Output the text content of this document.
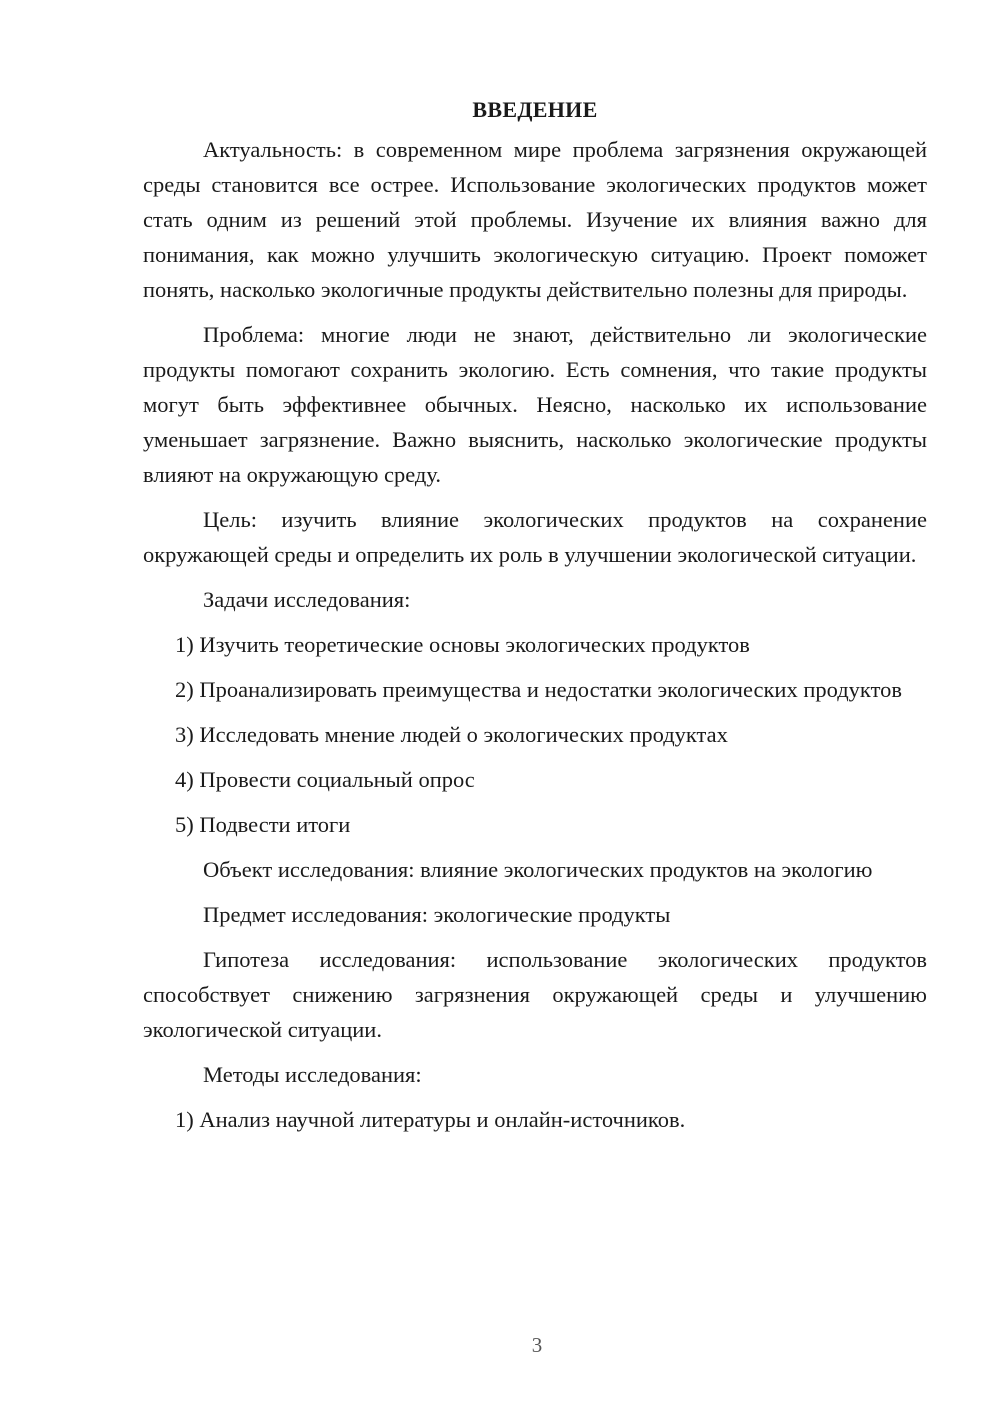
ВВЕДЕНИЕ

Актуальность: в современном мире проблема загрязнения окружающей среды становится все острее. Использование экологических продуктов может стать одним из решений этой проблемы. Изучение их влияния важно для понимания, как можно улучшить экологическую ситуацию. Проект поможет понять, насколько экологичные продукты действительно полезны для природы.

Проблема: многие люди не знают, действительно ли экологические продукты помогают сохранить экологию. Есть сомнения, что такие продукты могут быть эффективнее обычных. Неясно, насколько их использование уменьшает загрязнение. Важно выяснить, насколько экологические продукты влияют на окружающую среду.

Цель: изучить влияние экологических продуктов на сохранение окружающей среды и определить их роль в улучшении экологической ситуации.

Задачи исследования:

1) Изучить теоретические основы экологических продуктов

2) Проанализировать преимущества и недостатки экологических продуктов

3) Исследовать мнение людей о экологических продуктах

4) Провести социальный опрос

5) Подвести итоги

Объект исследования: влияние экологических продуктов на экологию

Предмет исследования: экологические продукты

Гипотеза исследования: использование экологических продуктов способствует снижению загрязнения окружающей среды и улучшению экологической ситуации.

Методы исследования:

1) Анализ научной литературы и онлайн-источников.

3
